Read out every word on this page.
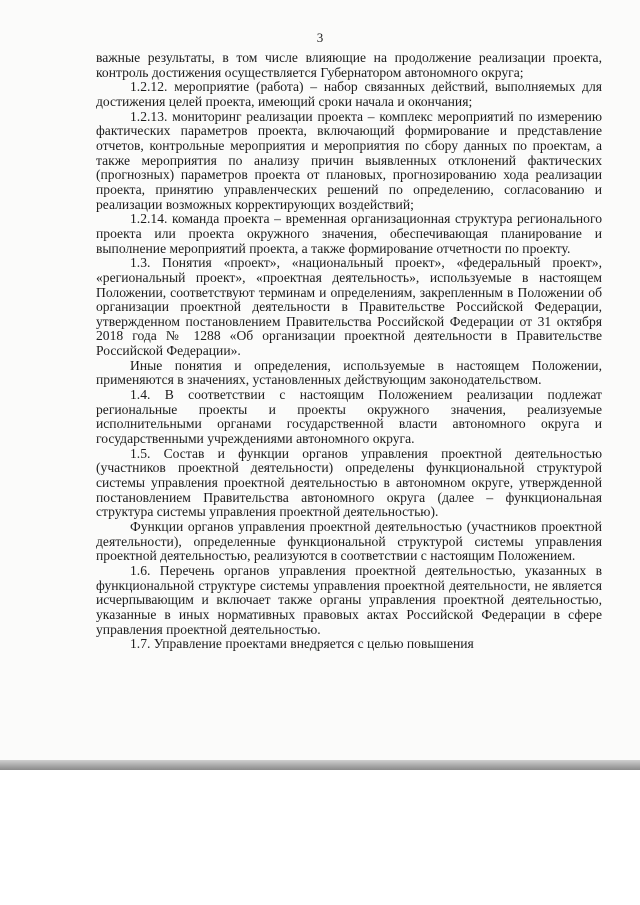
3

важные результаты, в том числе влияющие на продолжение реализации проекта, контроль достижения осуществляется Губернатором автономного округа;

1.2.12. мероприятие (работа) – набор связанных действий, выполняемых для достижения целей проекта, имеющий сроки начала и окончания;

1.2.13. мониторинг реализации проекта – комплекс мероприятий по измерению фактических параметров проекта, включающий формирование и представление отчетов, контрольные мероприятия и мероприятия по сбору данных по проектам, а также мероприятия по анализу причин выявленных отклонений фактических (прогнозных) параметров проекта от плановых, прогнозированию хода реализации проекта, принятию управленческих решений по определению, согласованию и реализации возможных корректирующих воздействий;

1.2.14. команда проекта – временная организационная структура регионального проекта или проекта окружного значения, обеспечивающая планирование и выполнение мероприятий проекта, а также формирование отчетности по проекту.

1.3. Понятия «проект», «национальный проект», «федеральный проект», «региональный проект», «проектная деятельность», используемые в настоящем Положении, соответствуют терминам и определениям, закрепленным в Положении об организации проектной деятельности в Правительстве Российской Федерации, утвержденном постановлением Правительства Российской Федерации от 31 октября 2018 года № 1288 «Об организации проектной деятельности в Правительстве Российской Федерации».

Иные понятия и определения, используемые в настоящем Положении, применяются в значениях, установленных действующим законодательством.

1.4. В соответствии с настоящим Положением реализации подлежат региональные проекты и проекты окружного значения, реализуемые исполнительными органами государственной власти автономного округа и государственными учреждениями автономного округа.

1.5. Состав и функции органов управления проектной деятельностью (участников проектной деятельности) определены функциональной структурой системы управления проектной деятельностью в автономном округе, утвержденной постановлением Правительства автономного округа (далее – функциональная структура системы управления проектной деятельностью).

Функции органов управления проектной деятельностью (участников проектной деятельности), определенные функциональной структурой системы управления проектной деятельностью, реализуются в соответствии с настоящим Положением.

1.6. Перечень органов управления проектной деятельностью, указанных в функциональной структуре системы управления проектной деятельности, не является исчерпывающим и включает также органы управления проектной деятельностью, указанные в иных нормативных правовых актах Российской Федерации в сфере управления проектной деятельностью.

1.7. Управление проектами внедряется с целью повышения
